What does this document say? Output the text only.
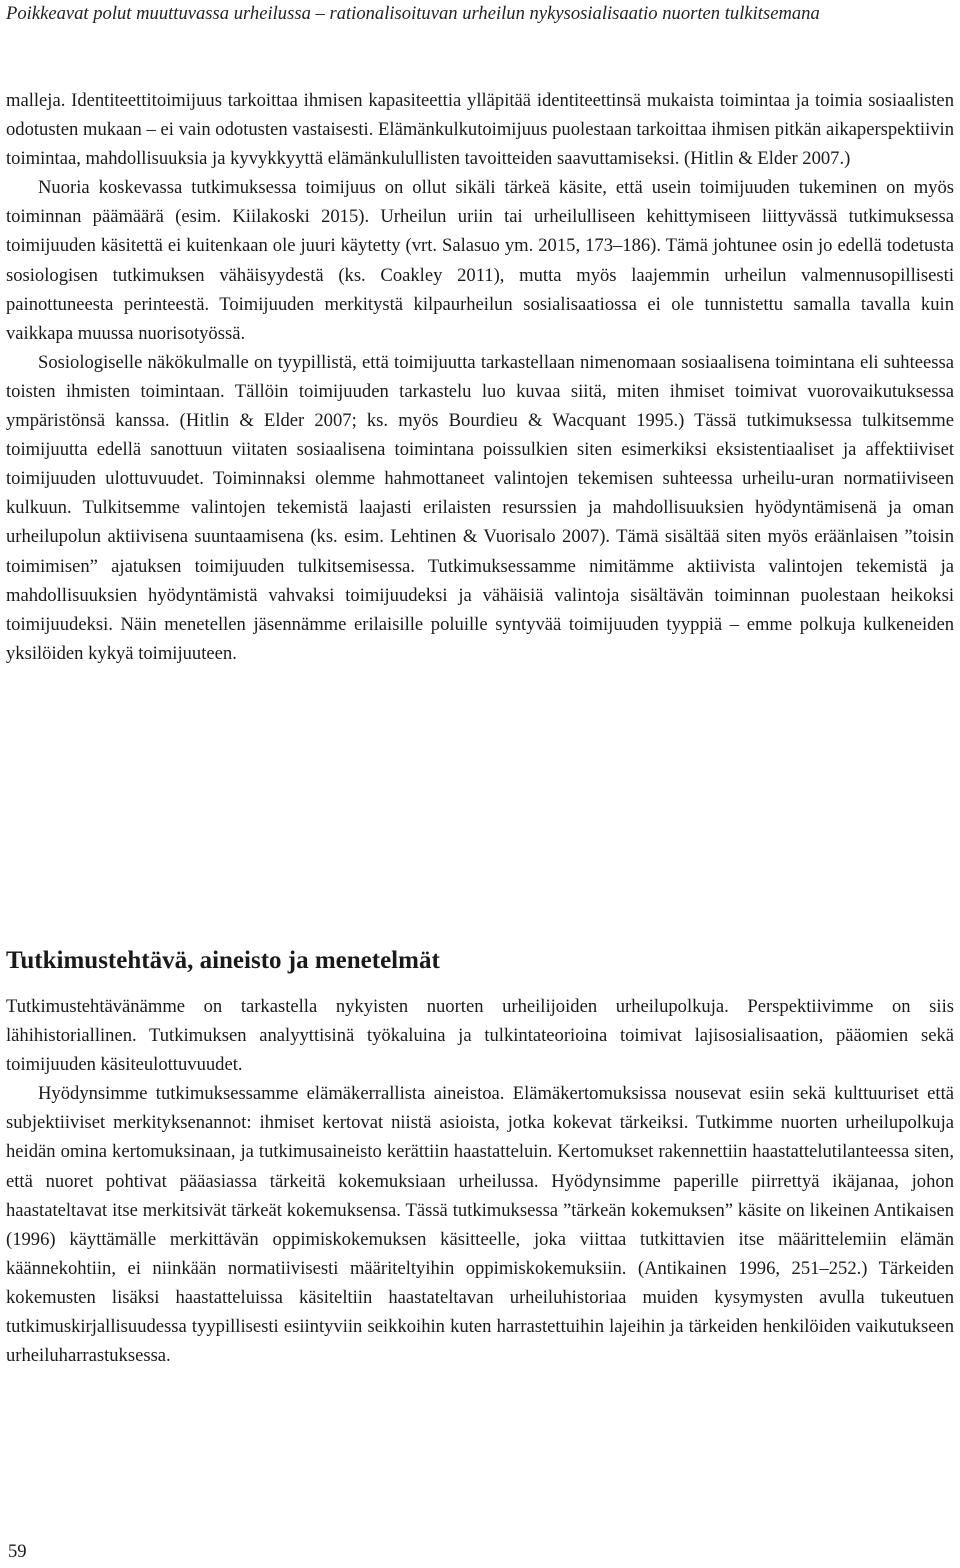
Poikkeavat polut muuttuvassa urheilussa – rationalisoituvan urheilun nykysosialisaatio nuorten tulkitsemana

malleja. Identiteettitoimijuus tarkoittaa ihmisen kapasiteettia ylläpitää identiteettinsä mukaista toimintaa ja toimia sosiaalisten odotusten mukaan – ei vain odotusten vastaisesti. Elämänkulkutoimijuus puolestaan tarkoittaa ihmisen pitkän aikaperspektiivin toimintaa, mahdollisuuksia ja kyvykkyyttä elämänkulullisten tavoitteiden saavuttamiseksi. (Hitlin & Elder 2007.)

Nuoria koskevassa tutkimuksessa toimijuus on ollut sikäli tärkeä käsite, että usein toimijuuden tukeminen on myös toiminnan päämäärä (esim. Kiilakoski 2015). Urheilun uriin tai urheilulliseen kehittymiseen liittyvässä tutkimuksessa toimijuuden käsitettä ei kuitenkaan ole juuri käytetty (vrt. Salasuo ym. 2015, 173–186). Tämä johtunee osin jo edellä todetusta sosiologisen tutkimuksen vähäisyydestä (ks. Coakley 2011), mutta myös laajemmin urheilun valmennusopillisesti painottuneesta perinteestä. Toimijuuden merkitystä kilpaurheilun sosialisaatiossa ei ole tunnistettu samalla tavalla kuin vaikkapa muussa nuorisotyössä.

Sosiologiselle näkökulmalle on tyypillistä, että toimijuutta tarkastellaan nimenomaan sosiaalisena toimintana eli suhteessa toisten ihmisten toimintaan. Tällöin toimijuuden tarkastelu luo kuvaa siitä, miten ihmiset toimivat vuorovaikutuksessa ympäristönsä kanssa. (Hitlin & Elder 2007; ks. myös Bourdieu & Wacquant 1995.) Tässä tutkimuksessa tulkitsemme toimijuutta edellä sanottuun viitaten sosiaalisena toimintana poissulkien siten esimerkiksi eksistentiaaliset ja affektiiviset toimijuuden ulottuvuudet. Toiminnaksi olemme hahmottaneet valintojen tekemisen suhteessa urheilu-uran normatiiviseen kulkuun. Tulkitsemme valintojen tekemistä laajasti erilaisten resurssien ja mahdollisuuksien hyödyntämisenä ja oman urheilupolun aktiivisena suuntaamisena (ks. esim. Lehtinen & Vuorisalo 2007). Tämä sisältää siten myös eräänlaisen ”toisin toimimisen” ajatuksen toimijuuden tulkitsemisessa. Tutkimuksessamme nimitämme aktiivista valintojen tekemistä ja mahdollisuuksien hyödyntämistä vahvaksi toimijuudeksi ja vähäisiä valintoja sisältävän toiminnan puolestaan heikoksi toimijuudeksi. Näin menetellen jäsennämme erilaisille poluille syntyvää toimijuuden tyyppiä – emme polkuja kulkeneiden yksilöiden kykyä toimijuuteen.

Tutkimustehtävä, aineisto ja menetelmät

Tutkimustehtävänämme on tarkastella nykyisten nuorten urheilijoiden urheilupolkuja. Perspektiivimme on siis lähihistoriallinen. Tutkimuksen analyyttisinä työkaluina ja tulkintateorioina toimivat lajisosialisaation, pääomien sekä toimijuuden käsiteulottuvuudet.

Hyödynsimme tutkimuksessamme elämäkerrallista aineistoa. Elämäkertomuksissa nousevat esiin sekä kulttuuriset että subjektiiviset merkityksenannot: ihmiset kertovat niistä asioista, jotka kokevat tärkeiksi. Tutkimme nuorten urheilupolkuja heidän omina kertomuksinaan, ja tutkimusaineisto kerättiin haastatteluin. Kertomukset rakennettiin haastattelutilanteessa siten, että nuoret pohtivat pääasiassa tärkeitä kokemuksiaan urheilussa. Hyödynsimme paperille piirrettyä ikäjanaa, johon haastateltavat itse merkitsivät tärkeät kokemuksensa. Tässä tutkimuksessa ”tärkeän kokemuksen” käsite on likeinen Antikaisen (1996) käyttämälle merkittävän oppimiskokemuksen käsitteelle, joka viittaa tutkittavien itse määrittelemiin elämän käännekohtiin, ei niinkään normatiivisesti määriteltyihin oppimiskokemuksiin. (Antikainen 1996, 251–252.) Tärkeiden kokemusten lisäksi haastatteluissa käsiteltiin haastateltavan urheiluhistoriaa muiden kysymysten avulla tukeutuen tutkimuskirjallisuudessa tyypillisesti esiintyviin seikkoihin kuten harrastettuihin lajeihin ja tärkeiden henkilöiden vaikutukseen urheiluharrastuksessa.

59
